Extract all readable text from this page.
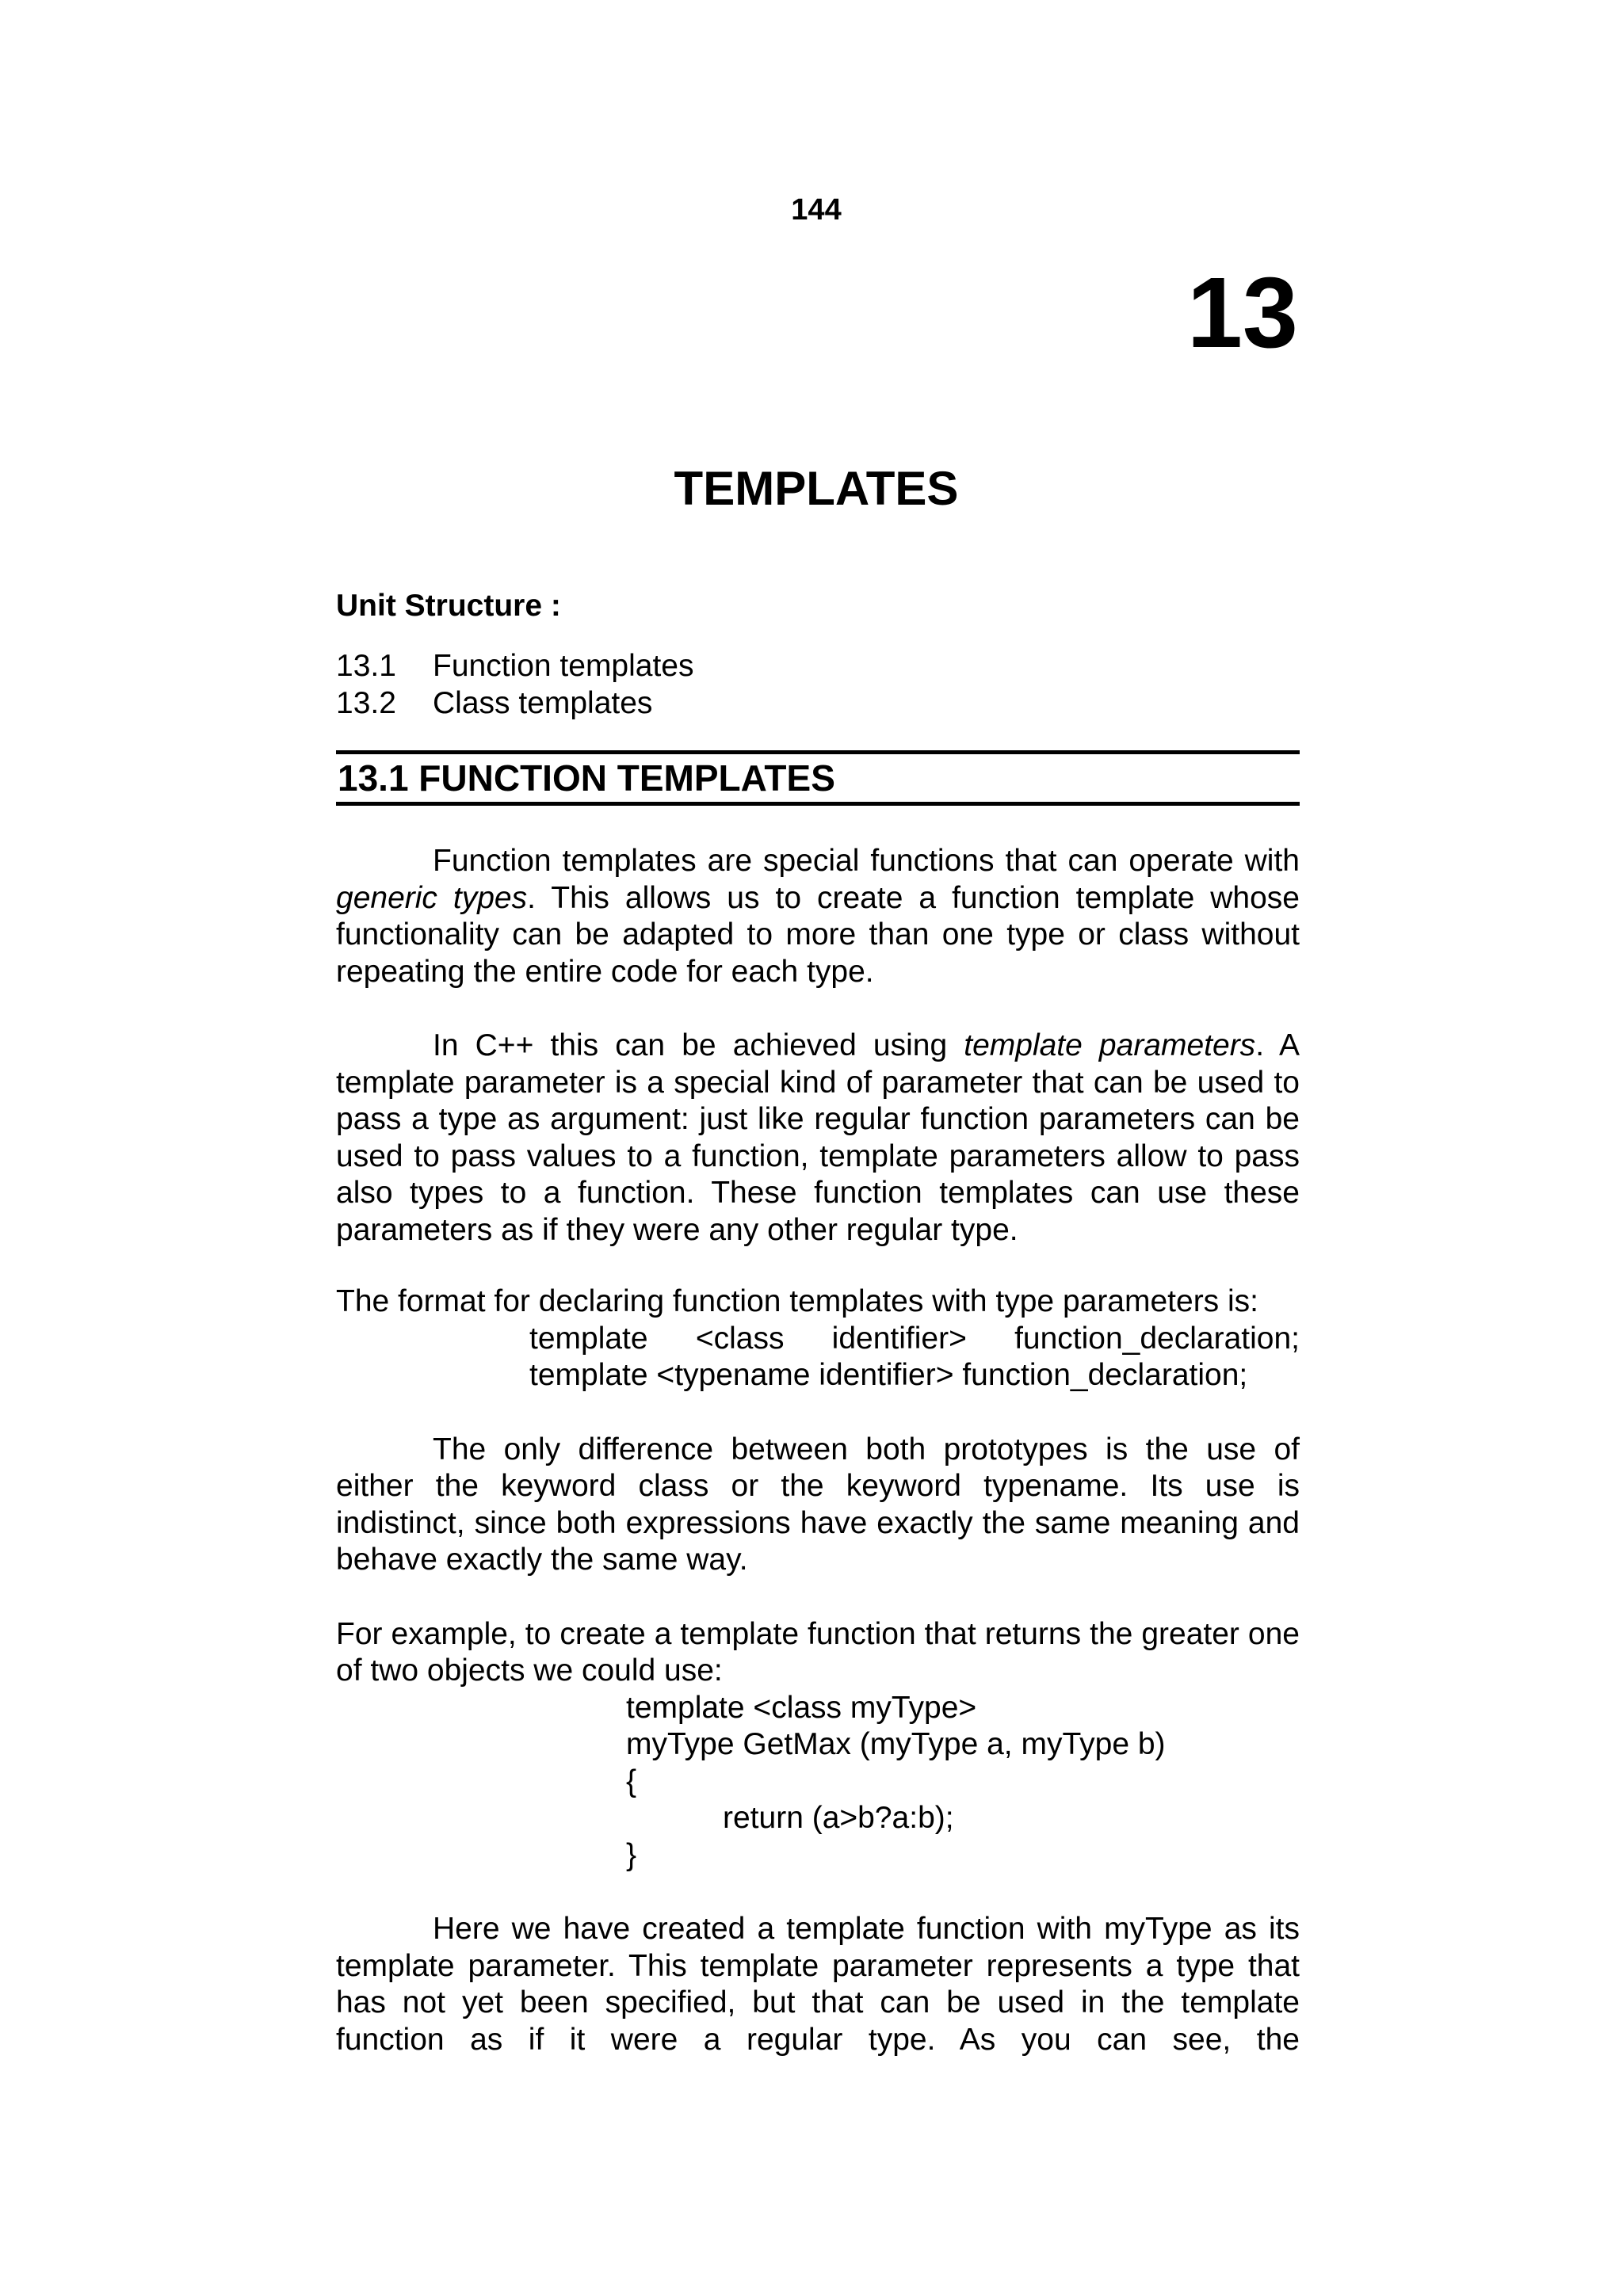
144
13
TEMPLATES
Unit Structure :
13.1	Function templates
13.2	Class templates
13.1 FUNCTION TEMPLATES

Function templates are special functions that can operate with generic types. This allows us to create a function template whose functionality can be adapted to more than one type or class without repeating the entire code for each type.

In C++ this can be achieved using template parameters. A template parameter is a special kind of parameter that can be used to pass a type as argument: just like regular function parameters can be used to pass values to a function, template parameters allow to pass also types to a function. These function templates can use these parameters as if they were any other regular type.

The format for declaring function templates with type parameters is:

template <class identifier> function_declaration;
template <typename identifier> function_declaration;

The only difference between both prototypes is the use of either the keyword class or the keyword typename. Its use is indistinct, since both expressions have exactly the same meaning and behave exactly the same way.

For example, to create a template function that returns the greater one of two objects we could use:

template <class myType>
myType GetMax (myType a, myType b)
{
return (a>b?a:b);
}

Here we have created a template function with myType as its template parameter. This template parameter represents a type that has not yet been specified, but that can be used in the template function as if it were a regular type. As you can see, the
